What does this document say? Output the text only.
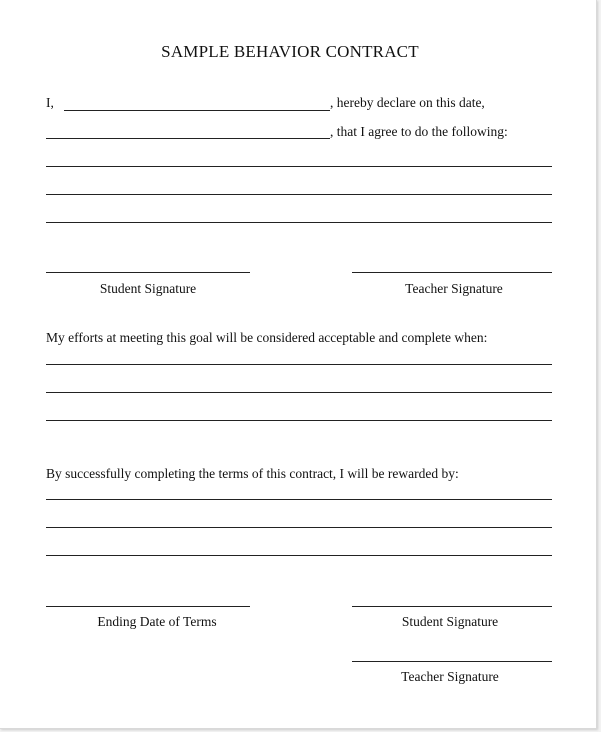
SAMPLE BEHAVIOR CONTRACT
I,	, hereby declare on this date,
, that I agree to do the following:
Student Signature	Teacher Signature
My efforts at meeting this goal will be considered acceptable and complete when:
By successfully completing the terms of this contract, I will be rewarded by:
Ending Date of Terms	Student Signature
Teacher Signature
